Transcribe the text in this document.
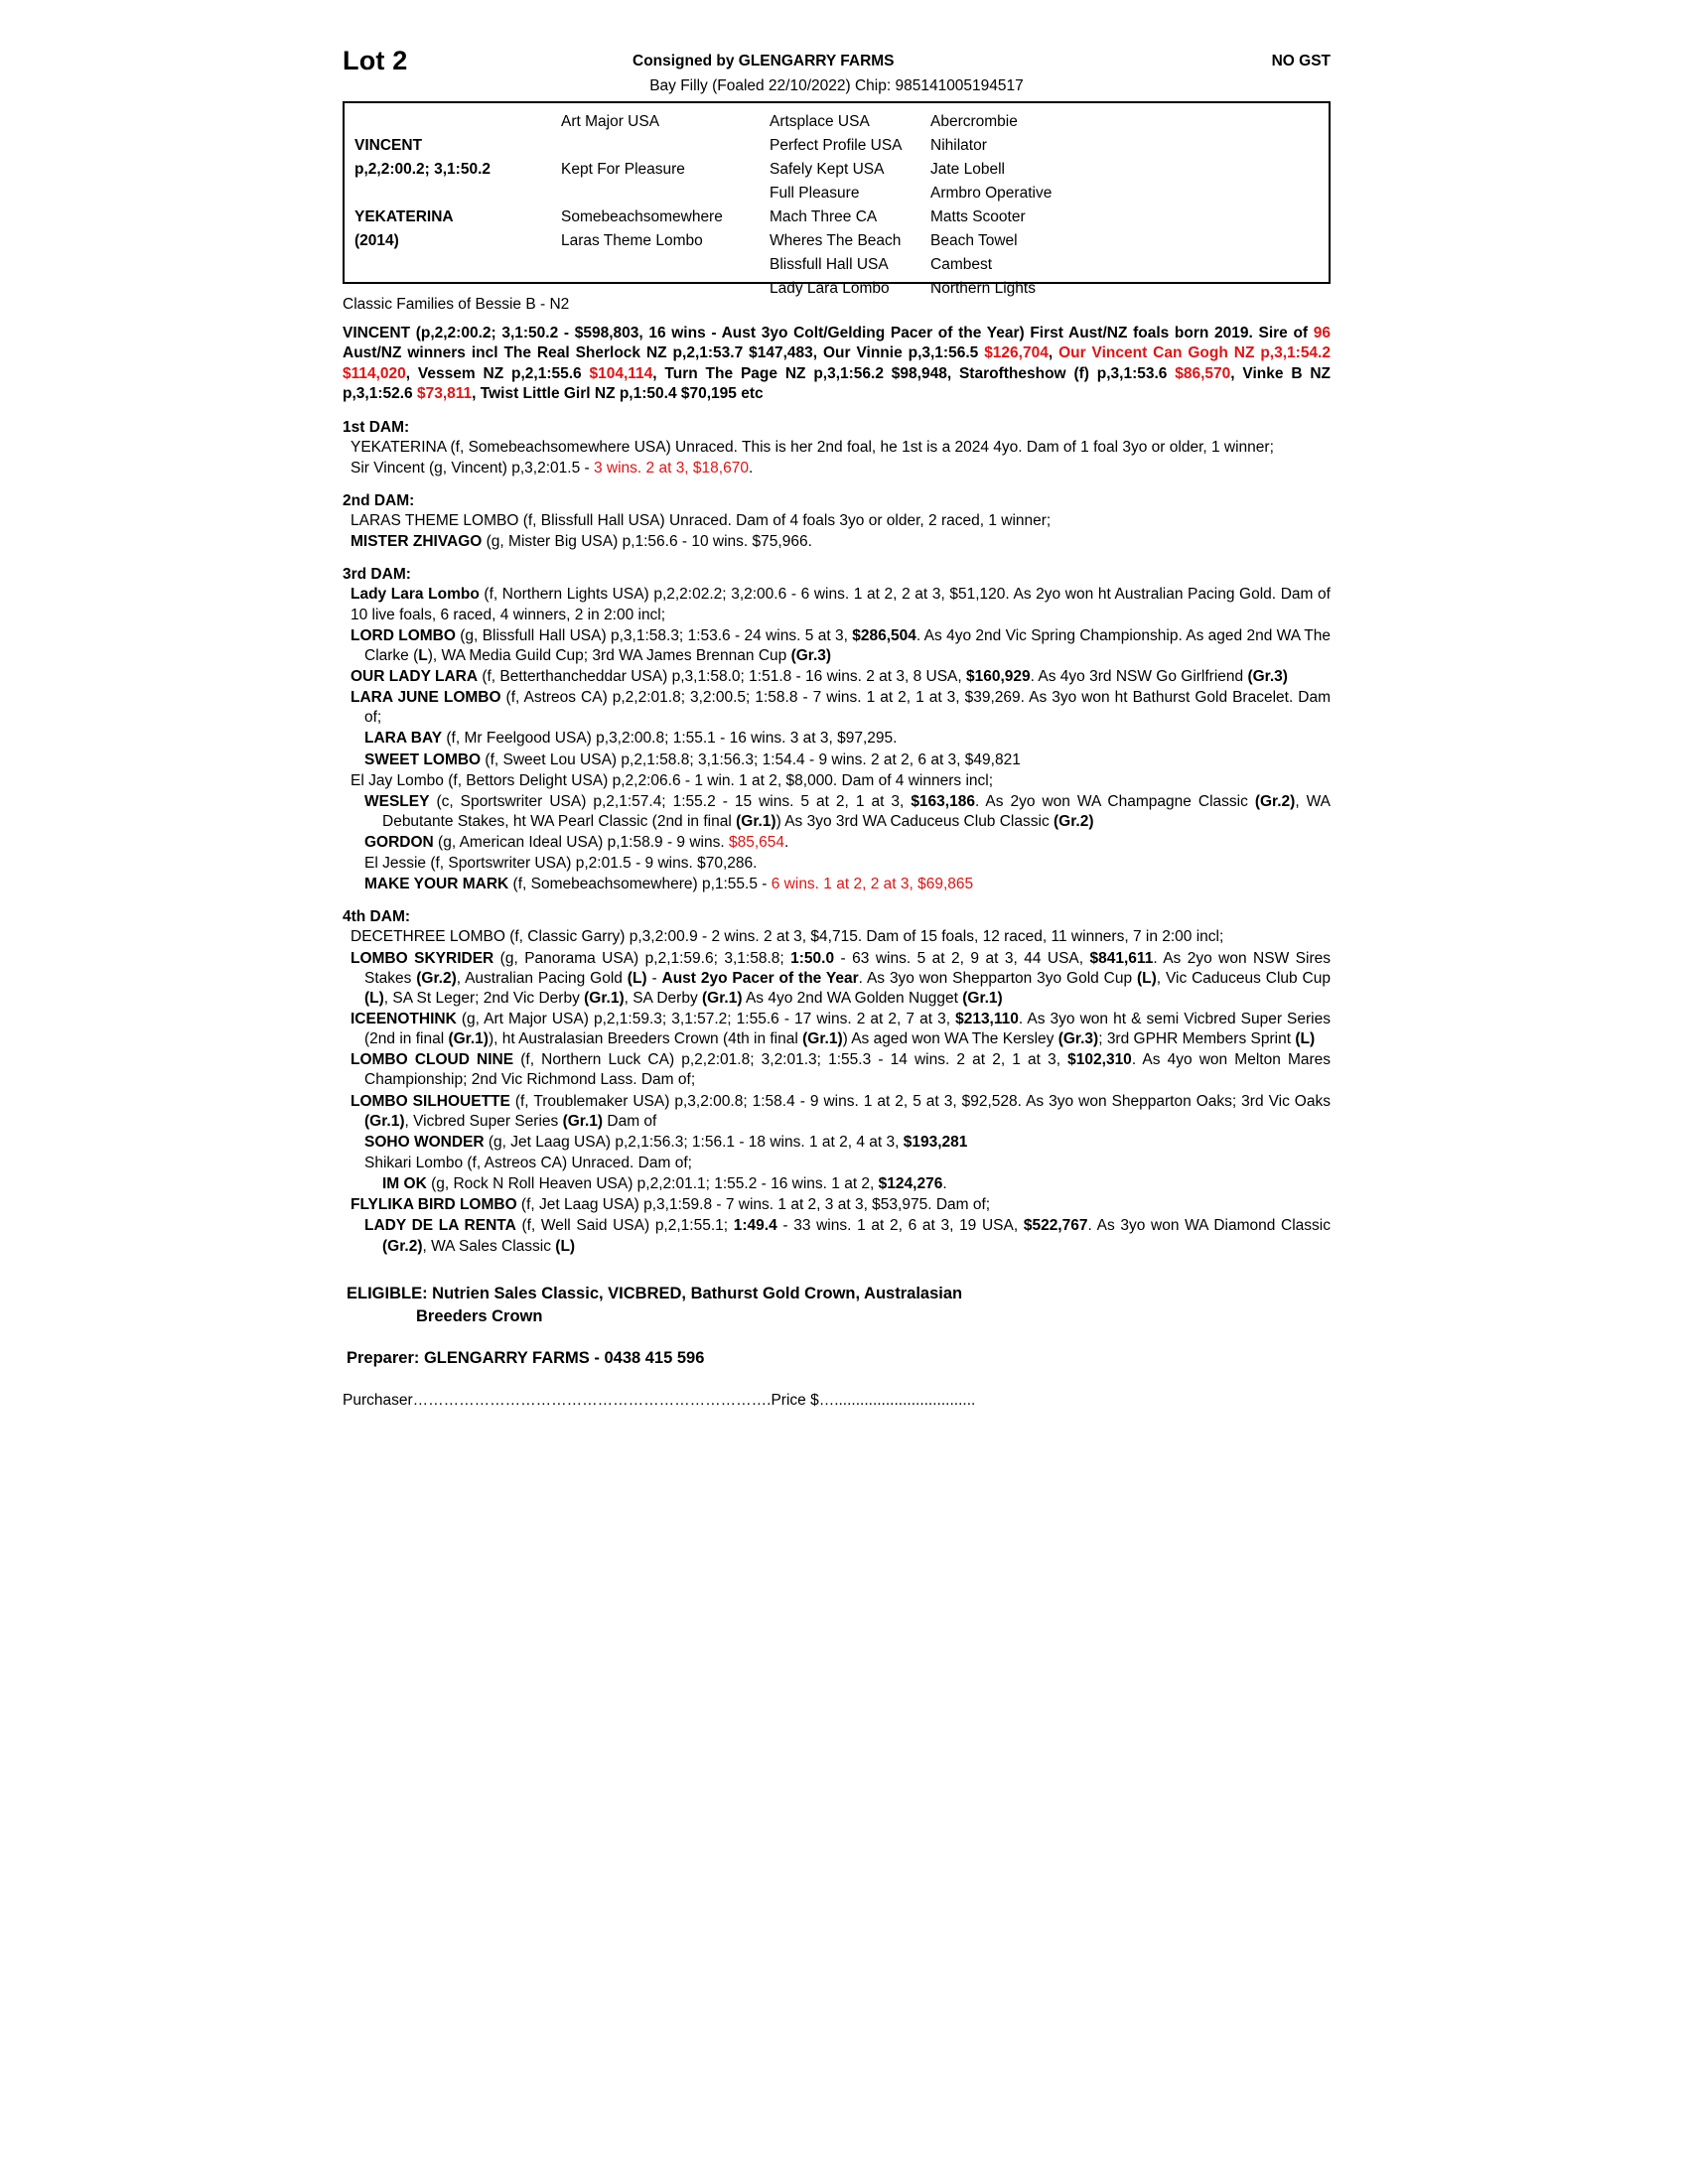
Lot 2	Consigned by GLENGARRY FARMS	NO GST
Bay Filly (Foaled 22/10/2022) Chip: 985141005194517
VINCENT
p,2,2:00.2; 3,1:50.2
YEKATERINA
(2014)
Art Major USA
Kept For Pleasure
Somebeachsomewhere
Laras Theme Lombo
Artsplace USA
Perfect Profile USA
Safely Kept USA
Full Pleasure
Mach Three CA
Wheres The Beach
Blissfull Hall USA
Lady Lara Lombo
Abercrombie
Nihilator
Jate Lobell
Armbro Operative
Matts Scooter
Beach Towel
Cambest
Northern Lights
Classic Families of Bessie B - N2
VINCENT (p,2,2:00.2; 3,1:50.2 - $598,803, 16 wins - Aust 3yo Colt/Gelding Pacer of the Year) First Aust/NZ foals born 2019. Sire of 96 Aust/NZ winners incl The Real Sherlock NZ p,2,1:53.7 $147,483, Our Vinnie p,3,1:56.5 $126,704, Our Vincent Can Gogh NZ p,3,1:54.2 $114,020, Vessem NZ p,2,1:55.6 $104,114, Turn The Page NZ p,3,1:56.2 $98,948, Staroftheshow (f) p,3,1:53.6 $86,570, Vinke B NZ p,3,1:52.6 $73,811, Twist Little Girl NZ p,1:50.4 $70,195 etc
1st DAM:
YEKATERINA (f, Somebeachsomewhere USA) Unraced. This is her 2nd foal, he 1st is a 2024 4yo. Dam of 1 foal 3yo or older, 1 winner;
Sir Vincent (g, Vincent) p,3,2:01.5 - 3 wins. 2 at 3, $18,670.
2nd DAM:
LARAS THEME LOMBO (f, Blissfull Hall USA) Unraced. Dam of 4 foals 3yo or older, 2 raced, 1 winner;
MISTER ZHIVAGO (g, Mister Big USA) p,1:56.6 - 10 wins. $75,966.
3rd DAM:
Lady Lara Lombo (f, Northern Lights USA) p,2,2:02.2; 3,2:00.6 - 6 wins. 1 at 2, 2 at 3, $51,120. As 2yo won ht Australian Pacing Gold. Dam of 10 live foals, 6 raced, 4 winners, 2 in 2:00 incl;
LORD LOMBO (g, Blissfull Hall USA) p,3,1:58.3; 1:53.6 - 24 wins. 5 at 3, $286,504. As 4yo 2nd Vic Spring Championship. As aged 2nd WA The Clarke (L), WA Media Guild Cup; 3rd WA James Brennan Cup (Gr.3)
OUR LADY LARA (f, Betterthancheddar USA) p,3,1:58.0; 1:51.8 - 16 wins. 2 at 3, 8 USA, $160,929. As 4yo 3rd NSW Go Girlfriend (Gr.3)
LARA JUNE LOMBO (f, Astreos CA) p,2,2:01.8; 3,2:00.5; 1:58.8 - 7 wins. 1 at 2, 1 at 3, $39,269. As 3yo won ht Bathurst Gold Bracelet. Dam of;
LARA BAY (f, Mr Feelgood USA) p,3,2:00.8; 1:55.1 - 16 wins. 3 at 3, $97,295.
SWEET LOMBO (f, Sweet Lou USA) p,2,1:58.8; 3,1:56.3; 1:54.4 - 9 wins. 2 at 2, 6 at 3, $49,821
El Jay Lombo (f, Bettors Delight USA) p,2,2:06.6 - 1 win. 1 at 2, $8,000. Dam of 4 winners incl;
WESLEY (c, Sportswriter USA) p,2,1:57.4; 1:55.2 - 15 wins. 5 at 2, 1 at 3, $163,186. As 2yo won WA Champagne Classic (Gr.2), WA Debutante Stakes, ht WA Pearl Classic (2nd in final (Gr.1)) As 3yo 3rd WA Caduceus Club Classic (Gr.2)
GORDON (g, American Ideal USA) p,1:58.9 - 9 wins. $85,654.
El Jessie (f, Sportswriter USA) p,2:01.5 - 9 wins. $70,286.
MAKE YOUR MARK (f, Somebeachsomewhere) p,1:55.5 - 6 wins. 1 at 2, 2 at 3, $69,865
4th DAM:
DECETHREE LOMBO (f, Classic Garry) p,3,2:00.9 - 2 wins. 2 at 3, $4,715. Dam of 15 foals, 12 raced, 11 winners, 7 in 2:00 incl;
LOMBO SKYRIDER (g, Panorama USA) p,2,1:59.6; 3,1:58.8; 1:50.0 - 63 wins. 5 at 2, 9 at 3, 44 USA, $841,611. As 2yo won NSW Sires Stakes (Gr.2), Australian Pacing Gold (L) - Aust 2yo Pacer of the Year. As 3yo won Shepparton 3yo Gold Cup (L), Vic Caduceus Club Cup (L), SA St Leger; 2nd Vic Derby (Gr.1), SA Derby (Gr.1) As 4yo 2nd WA Golden Nugget (Gr.1)
ICEENOTHINK (g, Art Major USA) p,2,1:59.3; 3,1:57.2; 1:55.6 - 17 wins. 2 at 2, 7 at 3, $213,110. As 3yo won ht & semi Vicbred Super Series (2nd in final (Gr.1)), ht Australasian Breeders Crown (4th in final (Gr.1)) As aged won WA The Kersley (Gr.3); 3rd GPHR Members Sprint (L)
LOMBO CLOUD NINE (f, Northern Luck CA) p,2,2:01.8; 3,2:01.3; 1:55.3 - 14 wins. 2 at 2, 1 at 3, $102,310. As 4yo won Melton Mares Championship; 2nd Vic Richmond Lass. Dam of;
LOMBO SILHOUETTE (f, Troublemaker USA) p,3,2:00.8; 1:58.4 - 9 wins. 1 at 2, 5 at 3, $92,528. As 3yo won Shepparton Oaks; 3rd Vic Oaks (Gr.1), Vicbred Super Series (Gr.1) Dam of
SOHO WONDER (g, Jet Laag USA) p,2,1:56.3; 1:56.1 - 18 wins. 1 at 2, 4 at 3, $193,281
Shikari Lombo (f, Astreos CA) Unraced. Dam of;
IM OK (g, Rock N Roll Heaven USA) p,2,2:01.1; 1:55.2 - 16 wins. 1 at 2, $124,276.
FLYLIKA BIRD LOMBO (f, Jet Laag USA) p,3,1:59.8 - 7 wins. 1 at 2, 3 at 3, $53,975. Dam of;
LADY DE LA RENTA (f, Well Said USA) p,2,1:55.1; 1:49.4 - 33 wins. 1 at 2, 6 at 3, 19 USA, $522,767. As 3yo won WA Diamond Classic (Gr.2), WA Sales Classic (L)
ELIGIBLE: Nutrien Sales Classic, VICBRED, Bathurst Gold Crown, Australasian
Breeders Crown
Preparer: GLENGARRY FARMS - 0438 415 596
Purchaser…………………………………………………………….Price $….................................
